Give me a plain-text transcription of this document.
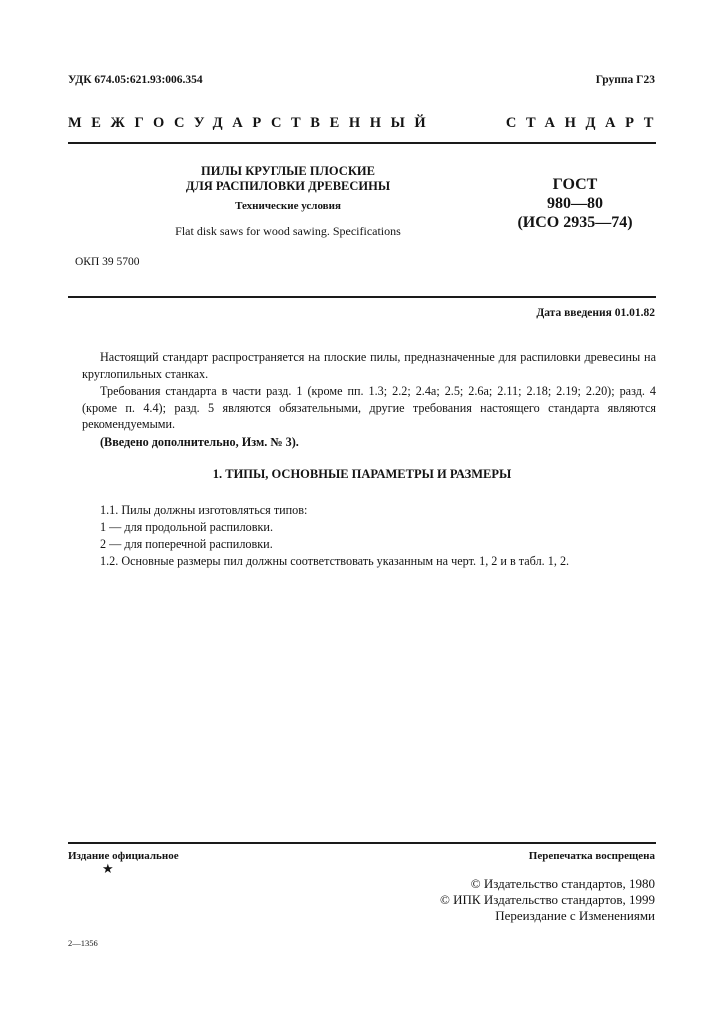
УДК 674.05:621.93:006.354	Группа Г23
МЕЖГОСУДАРСТВЕННЫЙ	СТАНДАРТ
ПИЛЫ КРУГЛЫЕ ПЛОСКИЕ
ДЛЯ РАСПИЛОВКИ ДРЕВЕСИНЫ
Технические условия
Flat disk saws for wood sawing. Specifications
ГОСТ
980—80
(ИСО 2935—74)
ОКП 39 5700
Дата введения 01.01.82
Настоящий стандарт распространяется на плоские пилы, предназначенные для распиловки древесины на круглопильных станках.
Требования стандарта в части разд. 1 (кроме пп. 1.3; 2.2; 2.4а; 2.5; 2.6а; 2.11; 2.18; 2.19; 2.20); разд. 4 (кроме п. 4.4); разд. 5 являются обязательными, другие требования настоящего стандарта являются рекомендуемыми.
(Введено дополнительно, Изм. № 3).
1. ТИПЫ, ОСНОВНЫЕ ПАРАМЕТРЫ И РАЗМЕРЫ
1.1. Пилы должны изготовляться типов:
1 — для продольной распиловки.
2 — для поперечной распиловки.
1.2. Основные размеры пил должны соответствовать указанным на черт. 1, 2 и в табл. 1, 2.
Издание официальное
★
Перепечатка воспрещена
© Издательство стандартов, 1980
© ИПК Издательство стандартов, 1999
Переиздание с Изменениями
2—1356
